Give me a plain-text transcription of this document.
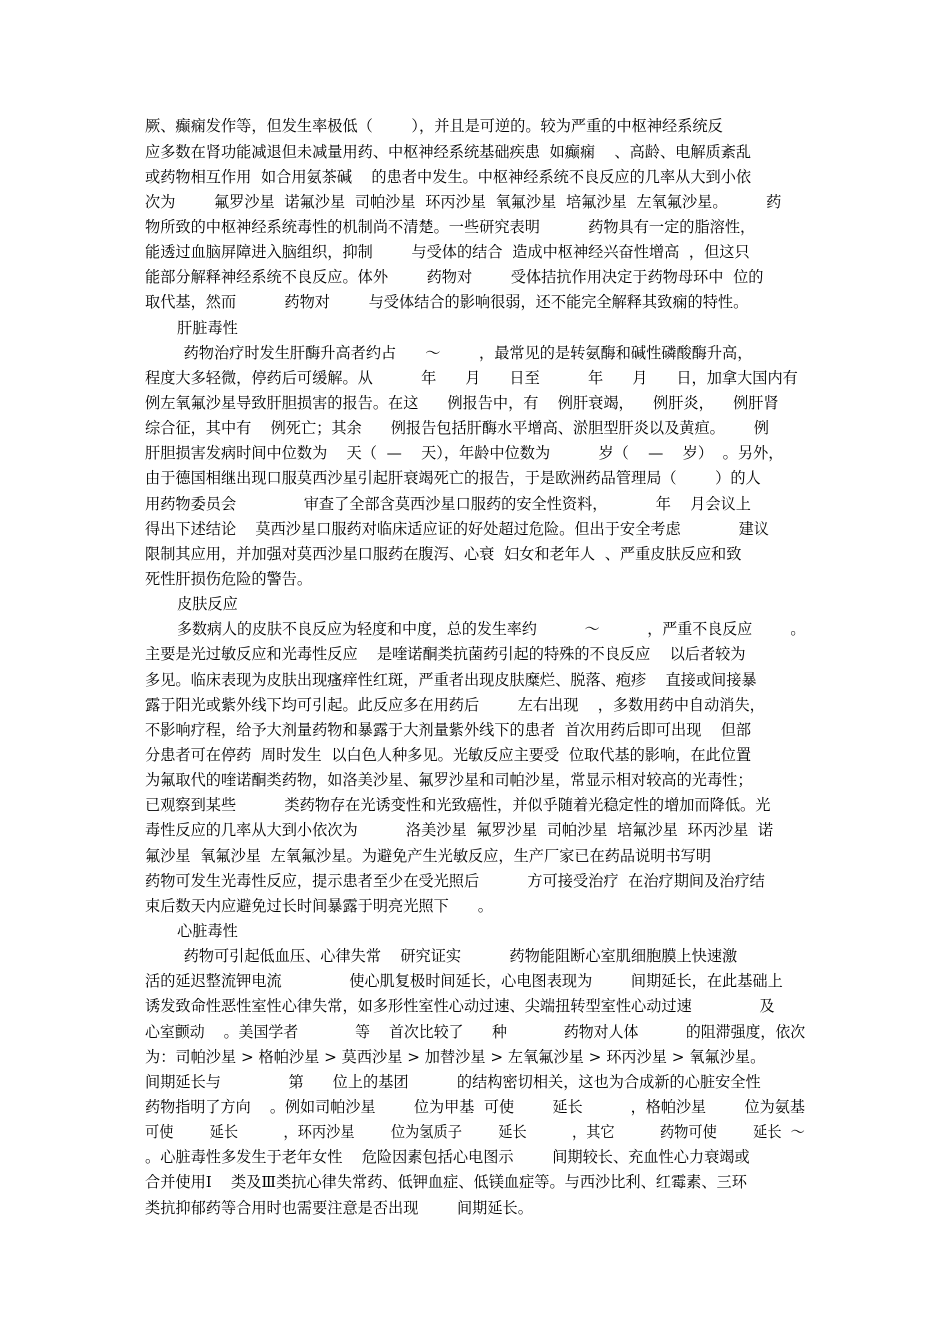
厥、癫痫发作等，但发生率极低（        ），并且是可逆的。较为严重的中枢神经系统反
应多数在肾功能减退但未减量用药、中枢神经系统基础疾患  如癫痫    、高龄、电解质紊乱
或药物相互作用  如合用氨茶碱    的患者中发生。中枢神经系统不良反应的几率从大到小依
次为        氟罗沙星  诺氟沙星  司帕沙星  环丙沙星  氧氟沙星  培氟沙星  左氧氟沙星。        药
物所致的中枢神经系统毒性的机制尚不清楚。一些研究表明          药物具有一定的脂溶性，
能透过血脑屏障进入脑组织，抑制        与受体的结合  造成中枢神经兴奋性增高  ，但这只
能部分解释神经系统不良反应。体外        药物对        受体拮抗作用决定于药物母环中  位的
取代基，然而          药物对        与受体结合的影响很弱，还不能完全解释其致痫的特性。
肝脏毒性
药物治疗时发生肝酶升高者约占      ～        ，最常见的是转氨酶和碱性磷酸酶升高，
程度大多轻微，停药后可缓解。从          年      月      日至          年      月      日，加拿大国内有
例左氧氟沙星导致肝胆损害的报告。在这      例报告中，有    例肝衰竭，    例肝炎，    例肝肾
综合征，其中有    例死亡；其余      例报告包括肝酶水平增高、淤胆型肝炎以及黄疸。      例
肝胆损害发病时间中位数为    天（  —    天），年龄中位数为          岁（    —    岁）  。另外，
由于德国相继出现口服莫西沙星引起肝衰竭死亡的报告，于是欧洲药品管理局（        ）的人
用药物委员会              审查了全部含莫西沙星口服药的安全性资料，          年    月会议上
得出下述结论    莫西沙星口服药对临床适应证的好处超过危险。但出于安全考虑            建议
限制其应用，并加强对莫西沙星口服药在腹泻、心衰  妇女和老年人  、严重皮肤反应和致
死性肝损伤危险的警告。
皮肤反应
多数病人的皮肤不良反应为轻度和中度，总的发生率约          ～          ，严重不良反应        。
主要是光过敏反应和光毒性反应    是喹诺酮类抗菌药引起的特殊的不良反应    以后者较为
多见。临床表现为皮肤出现瘙痒性红斑，严重者出现皮肤糜烂、脱落、疱疹    直接或间接暴
露于阳光或紫外线下均可引起。此反应多在用药后        左右出现    ，多数用药中自动消失，
不影响疗程，给予大剂量药物和暴露于大剂量紫外线下的患者  首次用药后即可出现    但部
分患者可在停药  周时发生  以白色人种多见。光敏反应主要受  位取代基的影响，在此位置
为氟取代的喹诺酮类药物，如洛美沙星、氟罗沙星和司帕沙星，常显示相对较高的光毒性；
已观察到某些          类药物存在光诱变性和光致癌性，并似乎随着光稳定性的增加而降低。光
毒性反应的几率从大到小依次为          洛美沙星  氟罗沙星  司帕沙星  培氟沙星  环丙沙星  诺
氟沙星  氧氟沙星  左氧氟沙星。为避免产生光敏反应，生产厂家已在药品说明书写明
药物可发生光毒性反应，提示患者至少在受光照后          方可接受治疗  在治疗期间及治疗结
束后数天内应避免过长时间暴露于明亮光照下      。
心脏毒性
药物可引起低血压、心律失常    研究证实          药物能阻断心室肌细胞膜上快速激
活的延迟整流钾电流              使心肌复极时间延长，心电图表现为        间期延长，在此基础上
诱发致命性恶性室性心律失常，如多形性室性心动过速、尖端扭转型室性心动过速              及
心室颤动    。美国学者            等    首次比较了      种            药物对人体          的阻滞强度，依次
为：司帕沙星 > 格帕沙星 > 莫西沙星 > 加替沙星 > 左氧氟沙星 > 环丙沙星 > 氧氟沙星。
间期延长与              第      位上的基团          的结构密切相关，这也为合成新的心脏安全性
药物指明了方向    。例如司帕沙星        位为甲基  可使        延长          ，格帕沙星        位为氨基
可使        延长          ，环丙沙星        位为氢质子        延长          ，其它          药物可使        延长  ～
。心脏毒性多发生于老年女性    危险因素包括心电图示        间期较长、充血性心力衰竭或
合并使用Ⅰ    类及Ⅲ类抗心律失常药、低钾血症、低镁血症等。与西沙比利、红霉素、三环
类抗抑郁药等合用时也需要注意是否出现        间期延长。
